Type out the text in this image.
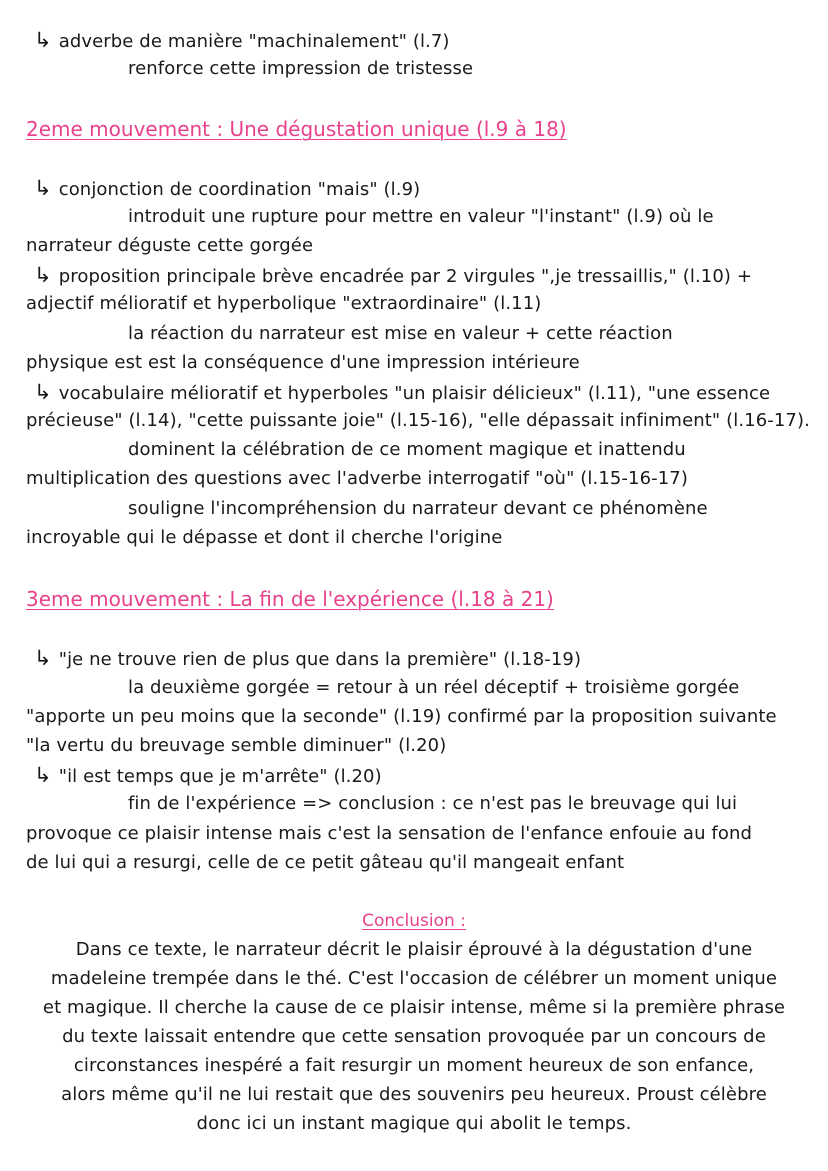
↳ adverbe de manière "machinalement" (l.7)
renforce cette impression de tristesse
2eme mouvement : Une dégustation unique (l.9 à 18)
↳ conjonction de coordination "mais" (l.9)
introduit une rupture pour mettre en valeur "l'instant" (l.9) où le
narrateur déguste cette gorgée
↳ proposition principale brève encadrée par 2 virgules ",je tressaillis," (l.10) +
adjectif mélioratif et hyperbolique "extraordinaire" (l.11)
la réaction du narrateur est mise en valeur + cette réaction
physique est est la conséquence d'une impression intérieure
↳ vocabulaire mélioratif et hyperboles "un plaisir délicieux" (l.11), "une essence
précieuse" (l.14), "cette puissante joie" (l.15-16), "elle dépassait infiniment" (l.16-17).
dominent la célébration de ce moment magique et inattendu
multiplication des questions avec l'adverbe interrogatif "où" (l.15-16-17)
souligne l'incompréhension du narrateur devant ce phénomène
incroyable qui le dépasse et dont il cherche l'origine
3eme mouvement : La fin de l'expérience (l.18 à 21)
↳ "je ne trouve rien de plus que dans la première" (l.18-19)
la deuxième gorgée = retour à un réel déceptif + troisième gorgée
"apporte un peu moins que la seconde" (l.19) confirmé par la proposition suivante
"la vertu du breuvage semble diminuer" (l.20)
↳ "il est temps que je m'arrête" (l.20)
fin de l'expérience => conclusion : ce n'est pas le breuvage qui lui
provoque ce plaisir intense mais c'est la sensation de l'enfance enfouie au fond
de lui qui a resurgi, celle de ce petit gâteau qu'il mangeait enfant
Conclusion :
Dans ce texte, le narrateur décrit le plaisir éprouvé à la dégustation d'une
madeleine trempée dans le thé. C'est l'occasion de célébrer un moment unique
et magique. Il cherche la cause de ce plaisir intense, même si la première phrase
du texte laissait entendre que cette sensation provoquée par un concours de
circonstances inespéré a fait resurgir un moment heureux de son enfance,
alors même qu'il ne lui restait que des souvenirs peu heureux. Proust célèbre
donc ici un instant magique qui abolit le temps.
